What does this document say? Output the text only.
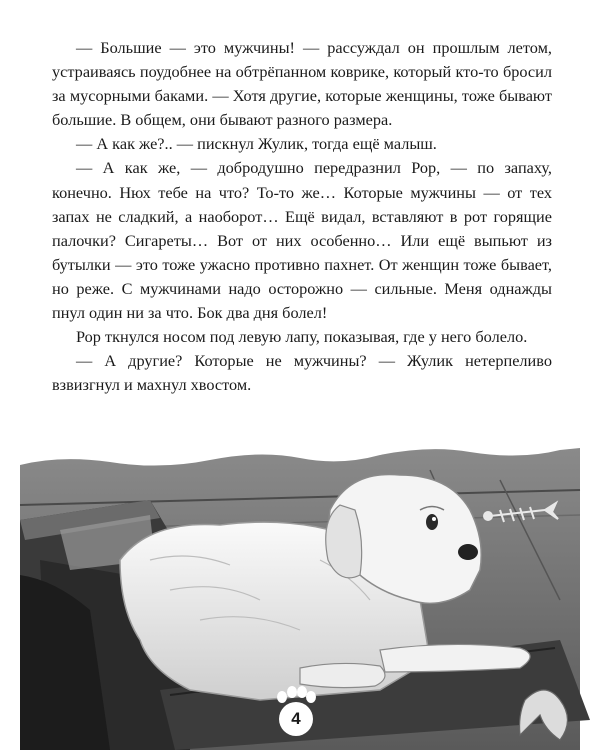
— Большие — это мужчины! — рассуждал он прошлым летом, устраиваясь поудобнее на обтрёпанном коврике, который кто-то бросил за мусорными баками. — Хотя другие, которые женщины, тоже бывают большие. В общем, они бывают разного размера.

— А как же?.. — пискнул Жулик, тогда ещё малыш.

— А как же, — добродушно передразнил Рор, — по запаху, конечно. Нюх тебе на что? То-то же… Которые мужчины — от тех запах не сладкий, а наоборот… Ещё видал, вставляют в рот горящие палочки? Сигареты… Вот от них особенно… Или ещё выпьют из бутылки — это тоже ужасно противно пахнет. От женщин тоже бывает, но реже. С мужчинами надо осторожно — сильные. Меня однажды пнул один ни за что. Бок два дня болел!

Рор ткнулся носом под левую лапу, показывая, где у него болело.

— А другие? Которые не мужчины? — Жулик нетерпеливо взвизгнул и махнул хвостом.

4
